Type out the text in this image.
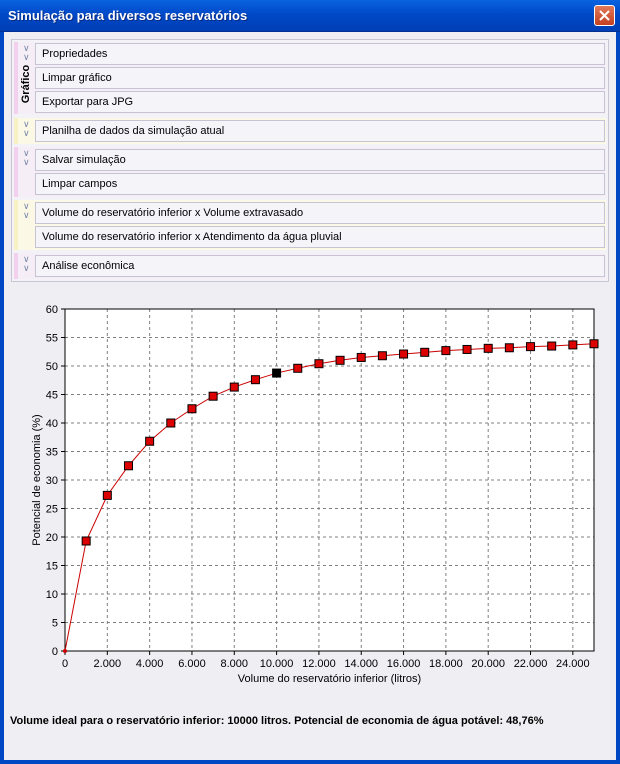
Simulação para diversos reservatórios
∨
∨
Gráfico
Propriedades
Limpar gráfico
Exportar para JPG
∨
∨	Planilha de dados da simulação atual
∨
∨	Salvar simulação
Limpar campos
∨
∨	Volume do reservatório inferior x Volume extravasado
Volume do reservatório inferior x Atendimento da água pluvial
∨
∨	Análise econômica
0
5
10
15
20
25
30
35
40
45
50
55
60
0 2.000 4.000 6.000 8.000 10.000 12.000 14.000 16.000 18.000 20.000 22.000 24.000
Volume do reservatório inferior (litros)
Potencial de economia (%)
Volume ideal para o reservatório inferior: 10000 litros. Potencial de economia de água potável: 48,76%
